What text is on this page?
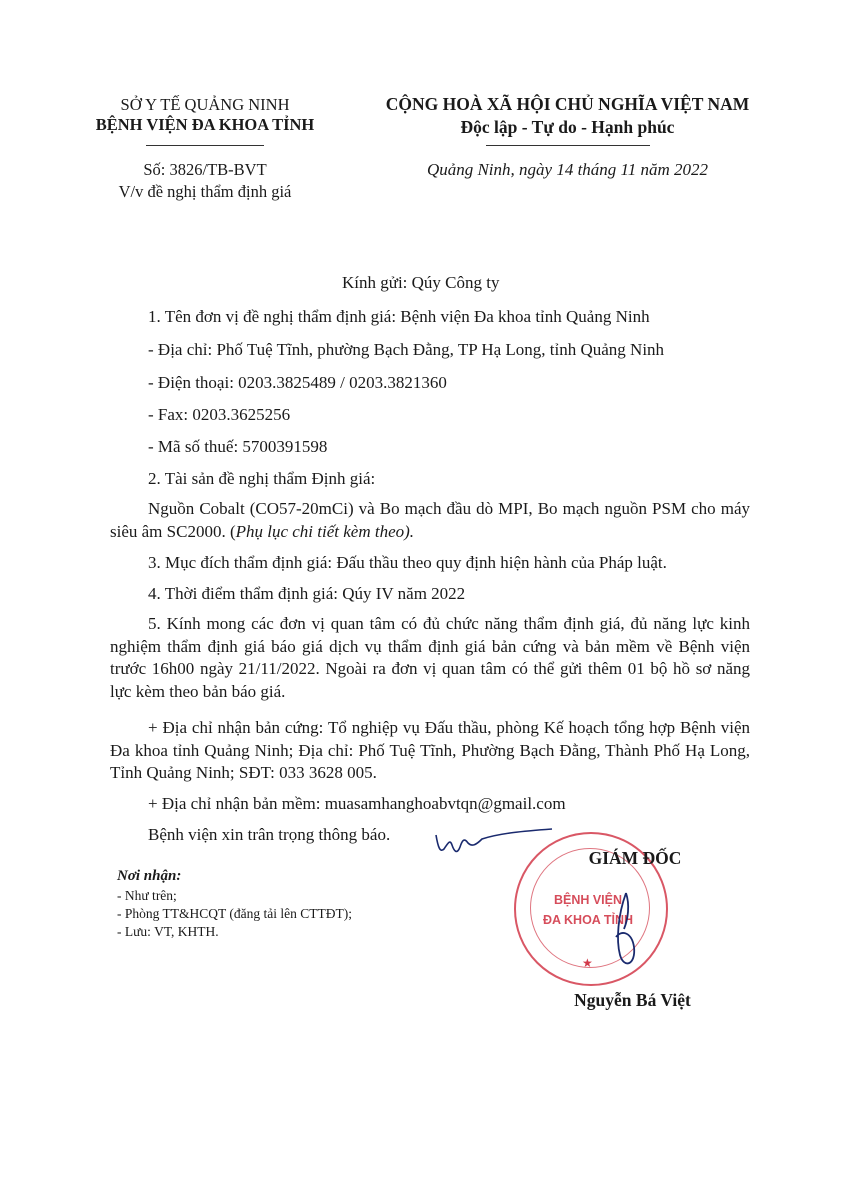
SỞ Y TẾ QUẢNG NINH
BỆNH VIỆN ĐA KHOA TỈNH
Số: 3826/TB-BVT
V/v đề nghị thẩm định giá
CỘNG HOÀ XÃ HỘI CHỦ NGHĨA VIỆT NAM
Độc lập - Tự do - Hạnh phúc
Quảng Ninh, ngày 14 tháng 11 năm 2022
Kính gửi: Qúy Công ty
1. Tên đơn vị đề nghị thẩm định giá: Bệnh viện Đa khoa tỉnh Quảng Ninh
- Địa chỉ: Phố Tuệ Tĩnh, phường Bạch Đằng, TP Hạ Long, tỉnh Quảng Ninh
- Điện thoại: 0203.3825489 / 0203.3821360
- Fax: 0203.3625256
- Mã số thuế: 5700391598
2. Tài sản đề nghị thẩm Định giá:
Nguồn Cobalt (CO57-20mCi) và Bo mạch đầu dò MPI, Bo mạch nguồn PSM cho máy siêu âm SC2000. (Phụ lục chi tiết kèm theo).
3. Mục đích thẩm định giá: Đấu thầu theo quy định hiện hành của Pháp luật.
4. Thời điểm thẩm định giá: Qúy IV năm 2022
5. Kính mong các đơn vị quan tâm có đủ chức năng thẩm định giá, đủ năng lực kinh nghiệm thẩm định giá báo giá dịch vụ thẩm định giá bản cứng và bản mềm về Bệnh viện trước 16h00 ngày 21/11/2022. Ngoài ra đơn vị quan tâm có thể gửi thêm 01 bộ hồ sơ năng lực kèm theo bản báo giá.
+ Địa chỉ nhận bản cứng: Tổ nghiệp vụ Đấu thầu, phòng Kế hoạch tổng hợp Bệnh viện Đa khoa tỉnh Quảng Ninh; Địa chỉ: Phố Tuệ Tĩnh, Phường Bạch Đằng, Thành Phố Hạ Long, Tỉnh Quảng Ninh; SĐT: 033 3628 005.
+ Địa chỉ nhận bản mềm: muasamhanghoabvtqn@gmail.com
Bệnh viện xin trân trọng thông báo.
Nơi nhận:
- Như trên;
- Phòng TT&HCQT (đăng tải lên CTTĐT);
- Lưu: VT, KHTH.
BỆNH VIỆN
ĐA KHOA TỈNH
★
GIÁM ĐỐC
Nguyễn Bá Việt
